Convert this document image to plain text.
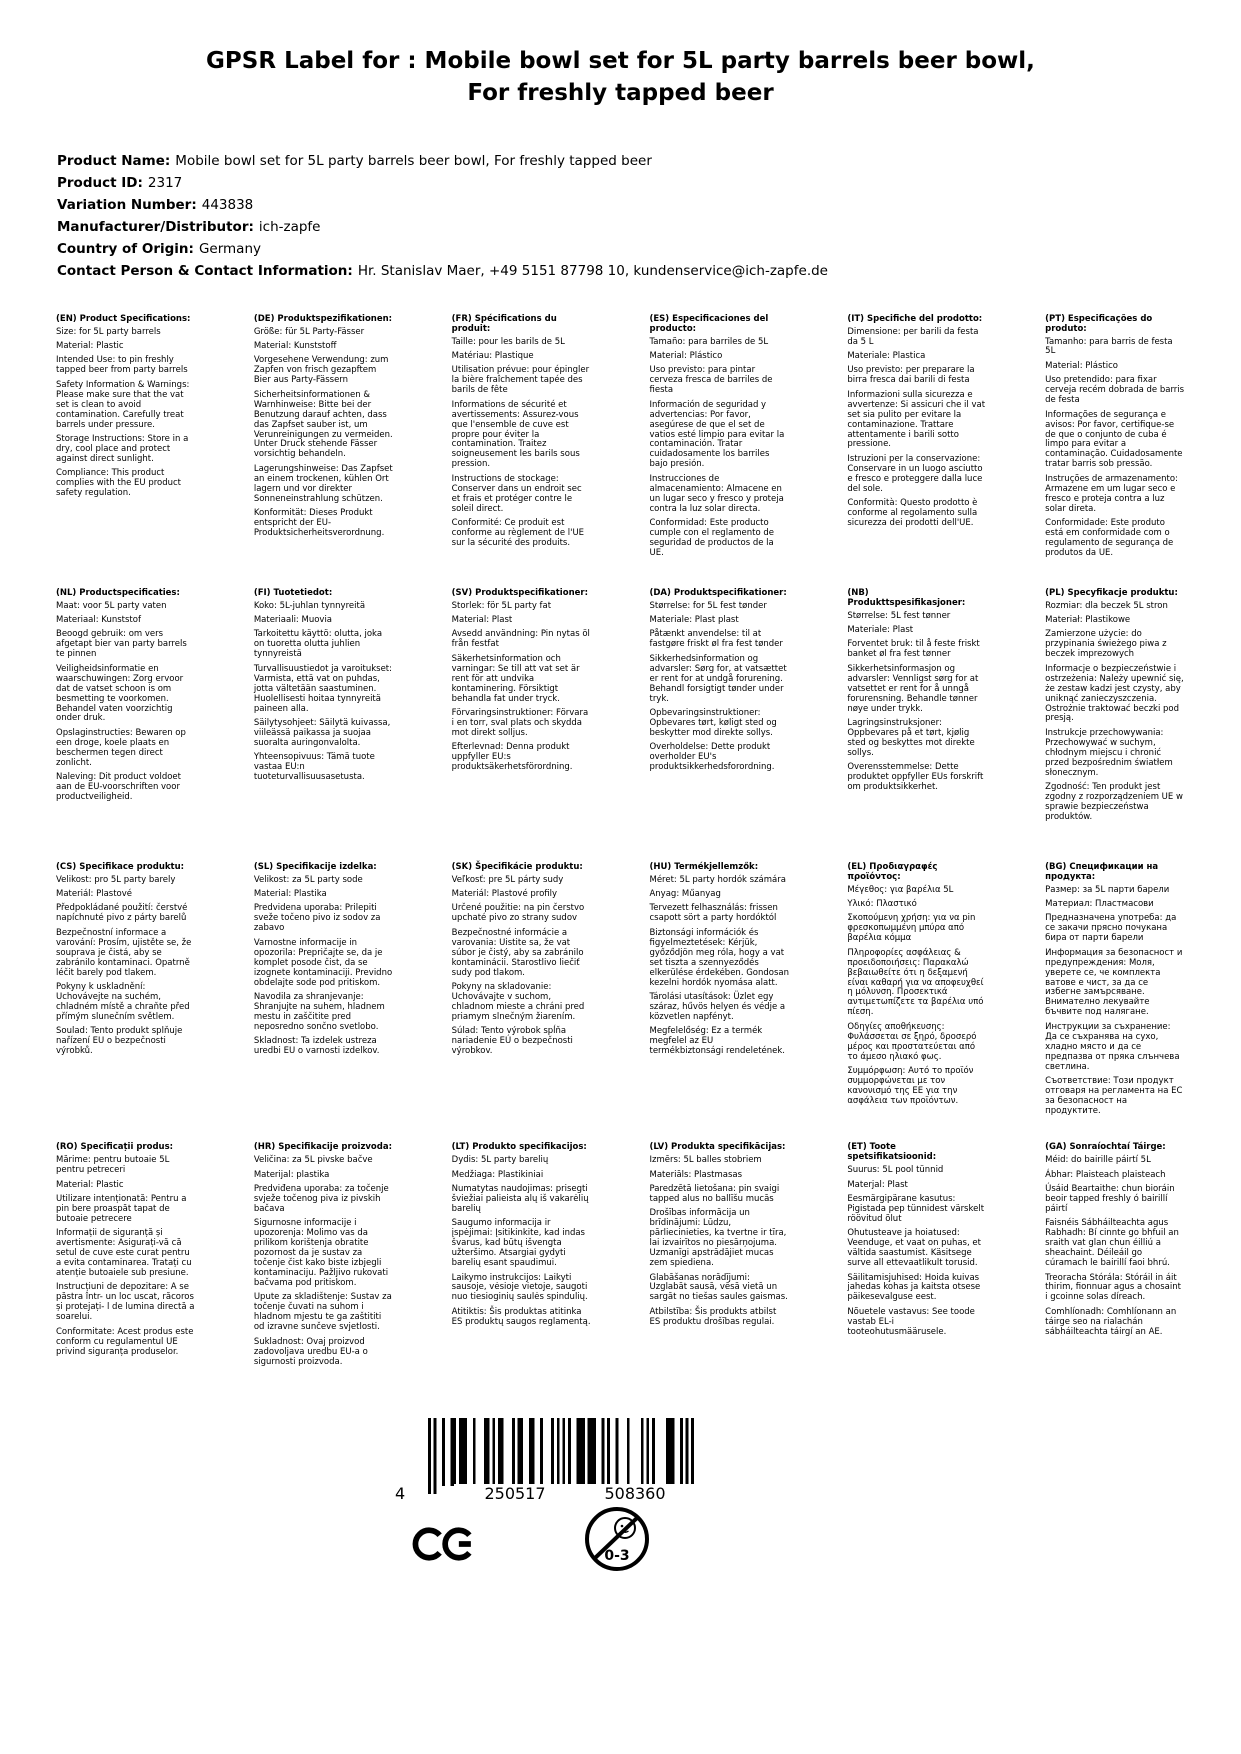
GPSR Label for : Mobile bowl set for 5L party barrels beer bowl,
For freshly tapped beer
Product Name: Mobile bowl set for 5L party barrels beer bowl, For freshly tapped beer
Product ID: 2317
Variation Number: 443838
Manufacturer/Distributor: ich-zapfe
Country of Origin: Germany
Contact Person & Contact Information: Hr. Stanislav Maer, +49 5151 87798 10, kundenservice@ich-zapfe.de
(EN) Product Specifications:

Size: for 5L party barrels

Material: Plastic

Intended Use: to pin freshly tapped beer from party barrels

Safety Information & Warnings: Please make sure that the vat set is clean to avoid contamination. Carefully treat barrels under pressure.

Storage Instructions: Store in a dry, cool place and protect against direct sunlight.

Compliance: This product complies with the EU product safety regulation.

(DE) Produktspezifikationen:

Größe: für 5L Party-Fässer

Material: Kunststoff

Vorgesehene Verwendung: zum Zapfen von frisch gezapftem Bier aus Party-Fässern

Sicherheitsinformationen & Warnhinweise: Bitte bei der Benutzung darauf achten, dass das Zapfset sauber ist, um Verunreinigungen zu vermeiden. Unter Druck stehende Fässer vorsichtig behandeln.

Lagerungshinweise: Das Zapfset an einem trockenen, kühlen Ort lagern und vor direkter Sonneneinstrahlung schützen.

Konformität: Dieses Produkt entspricht der EU-Produktsicherheitsverordnung.

(FR) Spécifications du produit:

Taille: pour les barils de 5L

Matériau: Plastique

Utilisation prévue: pour épingler la bière fraîchement tapée des barils de fête

Informations de sécurité et avertissements: Assurez-vous que l'ensemble de cuve est propre pour éviter la contamination. Traitez soigneusement les barils sous pression.

Instructions de stockage: Conserver dans un endroit sec et frais et protéger contre le soleil direct.

Conformité: Ce produit est conforme au règlement de l'UE sur la sécurité des produits.

(ES) Especificaciones del producto:

Tamaño: para barriles de 5L

Material: Plástico

Uso previsto: para pintar cerveza fresca de barriles de fiesta

Información de seguridad y advertencias: Por favor, asegúrese de que el set de vatios esté limpio para evitar la contaminación. Tratar cuidadosamente los barriles bajo presión.

Instrucciones de almacenamiento: Almacene en un lugar seco y fresco y proteja contra la luz solar directa.

Conformidad: Este producto cumple con el reglamento de seguridad de productos de la UE.

(IT) Specifiche del prodotto:

Dimensione: per barili da festa da 5 L

Materiale: Plastica

Uso previsto: per preparare la birra fresca dai barili di festa

Informazioni sulla sicurezza e avvertenze: Si assicuri che il vat set sia pulito per evitare la contaminazione. Trattare attentamente i barili sotto pressione.

Istruzioni per la conservazione: Conservare in un luogo asciutto e fresco e proteggere dalla luce del sole.

Conformità: Questo prodotto è conforme al regolamento sulla sicurezza dei prodotti dell'UE.

(PT) Especificações do produto:

Tamanho: para barris de festa 5L

Material: Plástico

Uso pretendido: para fixar cerveja recém dobrada de barris de festa

Informações de segurança e avisos: Por favor, certifique-se de que o conjunto de cuba é limpo para evitar a contaminação. Cuidadosamente tratar barris sob pressão.

Instruções de armazenamento: Armazene em um lugar seco e fresco e proteja contra a luz solar direta.

Conformidade: Este produto está em conformidade com o regulamento de segurança de produtos da UE.

(NL) Productspecificaties:

Maat: voor 5L party vaten

Materiaal: Kunststof

Beoogd gebruik: om vers afgetapt bier van party barrels te pinnen

Veiligheidsinformatie en waarschuwingen: Zorg ervoor dat de vatset schoon is om besmetting te voorkomen. Behandel vaten voorzichtig onder druk.

Opslaginstructies: Bewaren op een droge, koele plaats en beschermen tegen direct zonlicht.

Naleving: Dit product voldoet aan de EU-voorschriften voor productveiligheid.

(FI) Tuotetiedot:

Koko: 5L-juhlan tynnyreitä

Materiaali: Muovia

Tarkoitettu käyttö: olutta, joka on tuoretta olutta juhlien tynnyreistä

Turvallisuustiedot ja varoitukset: Varmista, että vat on puhdas, jotta vältetään saastuminen. Huolellisesti hoitaa tynnyreitä paineen alla.

Säilytysohjeet: Säilytä kuivassa, viileässä paikassa ja suojaa suoralta auringonvalolta.

Yhteensopivuus: Tämä tuote vastaa EU:n tuoteturvallisuusasetusta.

(SV) Produktspecifikationer:

Storlek: för 5L party fat

Material: Plast

Avsedd användning: Pin nytas öl från festfat

Säkerhetsinformation och varningar: Se till att vat set är rent för att undvika kontaminering. Försiktigt behandla fat under tryck.

Förvaringsinstruktioner: Förvara i en torr, sval plats och skydda mot direkt solljus.

Efterlevnad: Denna produkt uppfyller EU:s produktsäkerhetsförordning.

(DA) Produktspecifikationer:

Størrelse: for 5L fest tønder

Materiale: Plast plast

Påtænkt anvendelse: til at fastgøre friskt øl fra fest tønder

Sikkerhedsinformation og advarsler: Sørg for, at vatsættet er rent for at undgå forurening. Behandl forsigtigt tønder under tryk.

Opbevaringsinstruktioner: Opbevares tørt, køligt sted og beskytter mod direkte sollys.

Overholdelse: Dette produkt overholder EU's produktsikkerhedsforordning.

(NB) Produkttspesifikasjoner:

Størrelse: 5L fest tønner

Materiale: Plast

Forventet bruk: til å feste friskt banket øl fra fest tønner

Sikkerhetsinformasjon og advarsler: Vennligst sørg for at vatsettet er rent for å unngå forurensning. Behandle tønner nøye under trykk.

Lagringsinstruksjoner: Oppbevares på et tørt, kjølig sted og beskyttes mot direkte sollys.

Overensstemmelse: Dette produktet oppfyller EUs forskrift om produktsikkerhet.

(PL) Specyfikacje produktu:

Rozmiar: dla beczek 5L stron

Materiał: Plastikowe

Zamierzone użycie: do przypinania świeżego piwa z beczek imprezowych

Informacje o bezpieczeństwie i ostrzeżenia: Należy upewnić się, że zestaw kadzi jest czysty, aby uniknąć zanieczyszczenia. Ostrożnie traktować beczki pod presją.

Instrukcje przechowywania: Przechowywać w suchym, chłodnym miejscu i chronić przed bezpośrednim światłem słonecznym.

Zgodność: Ten produkt jest zgodny z rozporządzeniem UE w sprawie bezpieczeństwa produktów.

(CS) Specifikace produktu:

Velikost: pro 5L party barely

Materiál: Plastové

Předpokládané použití: čerstvé napíchnuté pivo z párty barelů

Bezpečnostní informace a varování: Prosím, ujistěte se, že souprava je čistá, aby se zabránilo kontaminaci. Opatrně léčit barely pod tlakem.

Pokyny k uskladnění: Uchovávejte na suchém, chladném místě a chraňte před přímým slunečním světlem.

Soulad: Tento produkt splňuje nařízení EU o bezpečnosti výrobků.

(SL) Specifikacije izdelka:

Velikost: za 5L party sode

Material: Plastika

Predvidena uporaba: Prilepiti sveže točeno pivo iz sodov za zabavo

Varnostne informacije in opozorila: Prepričajte se, da je komplet posode čist, da se izognete kontaminaciji. Previdno obdelajte sode pod pritiskom.

Navodila za shranjevanje: Shranjujte na suhem, hladnem mestu in zaščitite pred neposredno sončno svetlobo.

Skladnost: Ta izdelek ustreza uredbi EU o varnosti izdelkov.

(SK) Špecifikácie produktu:

Veľkosť: pre 5L párty sudy

Materiál: Plastové profily

Určené použitie: na pin čerstvo upchaté pivo zo strany sudov

Bezpečnostné informácie a varovania: Uistite sa, že vat súbor je čistý, aby sa zabránilo kontaminácii. Starostlivo liečiť sudy pod tlakom.

Pokyny na skladovanie: Uchovávajte v suchom, chladnom mieste a chráni pred priamym slnečným žiarením.

Súlad: Tento výrobok spĺňa nariadenie EÚ o bezpečnosti výrobkov.

(HU) Termékjellemzők:

Méret: 5L party hordók számára

Anyag: Műanyag

Tervezett felhasználás: frissen csapott sört a party hordóktól

Biztonsági információk és figyelmeztetések: Kérjük, győződjön meg róla, hogy a vat set tiszta a szennyeződés elkerülése érdekében. Gondosan kezelni hordók nyomása alatt.

Tárolási utasítások: Üzlet egy száraz, hűvös helyen és védje a közvetlen napfényt.

Megfelelőség: Ez a termék megfelel az EU termékbiztonsági rendeletének.

(EL) Προδιαγραφές προϊόντος:

Μέγεθος: για βαρέλια 5L

Υλικό: Πλαστικό

Σκοπούμενη χρήση: για να pin φρεσκοπωμμένη μπύρα από βαρέλια κόμμα

Πληροφορίες ασφάλειας & προειδοποιήσεις: Παρακαλώ βεβαιωθείτε ότι η δεξαμενή είναι καθαρή για να αποφευχθεί η μόλυνση. Προσεκτικά αντιμετωπίζετε τα βαρέλια υπό πίεση.

Οδηγίες αποθήκευσης: Φυλάσσεται σε ξηρό, δροσερό μέρος και προστατεύεται από το άμεσο ηλιακό φως.

Συμμόρφωση: Αυτό το προϊόν συμμορφώνεται με τον κανονισμό της ΕΕ για την ασφάλεια των προϊόντων.

(BG) Спецификации на продукта:

Размер: за 5L парти барели

Материал: Пластмасови

Предназначена употреба: да се закачи прясно почукана бира от парти барели

Информация за безопасност и предупреждения: Моля, уверете се, че комплекта ватове е чист, за да се избегне замърсяване. Внимателно лекувайте бъчвите под налягане.

Инструкции за съхранение: Да се съхранява на сухо, хладно място и да се предпазва от пряка слънчева светлина.

Съответствие: Този продукт отговаря на регламента на ЕС за безопасност на продуктите.

(RO) Specificații produs:

Mărime: pentru butoaie 5L pentru petreceri

Material: Plastic

Utilizare intenționată: Pentru a pin bere proaspăt tapat de butoaie petrecere

Informații de siguranță și avertismente: Asigurați-vă că setul de cuve este curat pentru a evita contaminarea. Tratați cu atenție butoaiele sub presiune.

Instrucțiuni de depozitare: A se păstra într- un loc uscat, răcoros și protejați- l de lumina directă a soarelui.

Conformitate: Acest produs este conform cu regulamentul UE privind siguranța produselor.

(HR) Specifikacije proizvoda:

Veličina: za 5L pivske bačve

Materijal: plastika

Predviđena uporaba: za točenje svježe točenog piva iz pivskih bačava

Sigurnosne informacije i upozorenja: Molimo vas da prilikom korištenja obratite pozornost da je sustav za točenje čist kako biste izbjegli kontaminaciju. Pažljivo rukovati bačvama pod pritiskom.

Upute za skladištenje: Sustav za točenje čuvati na suhom i hladnom mjestu te ga zaštititi od izravne sunčeve svjetlosti.

Sukladnost: Ovaj proizvod zadovoljava uredbu EU-a o sigurnosti proizvoda.

(LT) Produkto specifikacijos:

Dydis: 5L party barelių

Medžiaga: Plastikiniai

Numatytas naudojimas: prisegti šviežiai palieista alų iš vakarėlių barelių

Saugumo informacija ir įspėjimai: Įsitikinkite, kad indas švarus, kad būtų išvengta užteršimo. Atsargiai gydyti barelių esant spaudimui.

Laikymo instrukcijos: Laikyti sausoje, vėsioje vietoje, saugoti nuo tiesioginių saulės spindulių.

Atitiktis: Šis produktas atitinka ES produktų saugos reglamentą.

(LV) Produkta specifikācijas:

Izmērs: 5L balles stobriem

Materiāls: Plastmasas

Paredzētā lietošana: pin svaigi tapped alus no ballīšu mucās

Drošības informācija un brīdinājumi: Lūdzu, pārliecinieties, ka tvertne ir tīra, lai izvairītos no piesārņojuma. Uzmanīgi apstrādājiet mucas zem spiediena.

Glabāšanas norādījumi: Uzglabāt sausā, vēsā vietā un sargāt no tiešas saules gaismas.

Atbilstība: Šis produkts atbilst ES produktu drošības regulai.

(ET) Toote spetsifikatsioonid:

Suurus: 5L pool tünnid

Materjal: Plast

Eesmärgipärane kasutus: Pigistada pep tünnidest värskelt röövitud õlut

Ohutusteave ja hoiatused: Veenduge, et vaat on puhas, et vältida saastumist. Käsitsege surve all ettevaatlikult torusid.

Säilitamisjuhised: Hoida kuivas jahedas kohas ja kaitsta otsese päikesevalguse eest.

Nõuetele vastavus: See toode vastab EL-i tooteohutusmäärusele.

(GA) Sonraíochtaí Táirge:

Méid: do bairille páirtí 5L

Ábhar: Plaisteach plaisteach

Úsáid Beartaithe: chun bioráin beoir tapped freshly ó bairillí páirtí

Faisnéis Sábháilteachta agus Rabhadh: Bí cinnte go bhfuil an sraith vat glan chun éilliú a sheachaint. Déileáil go cúramach le bairillí faoi bhrú.

Treoracha Stórála: Stóráil in áit thirim, fionnuar agus a chosaint i gcoinne solas díreach.

Comhlíonadh: Comhlíonann an táirge seo na rialachán sábháilteachta táirgí an AE.

4	250517	508360
0-3
